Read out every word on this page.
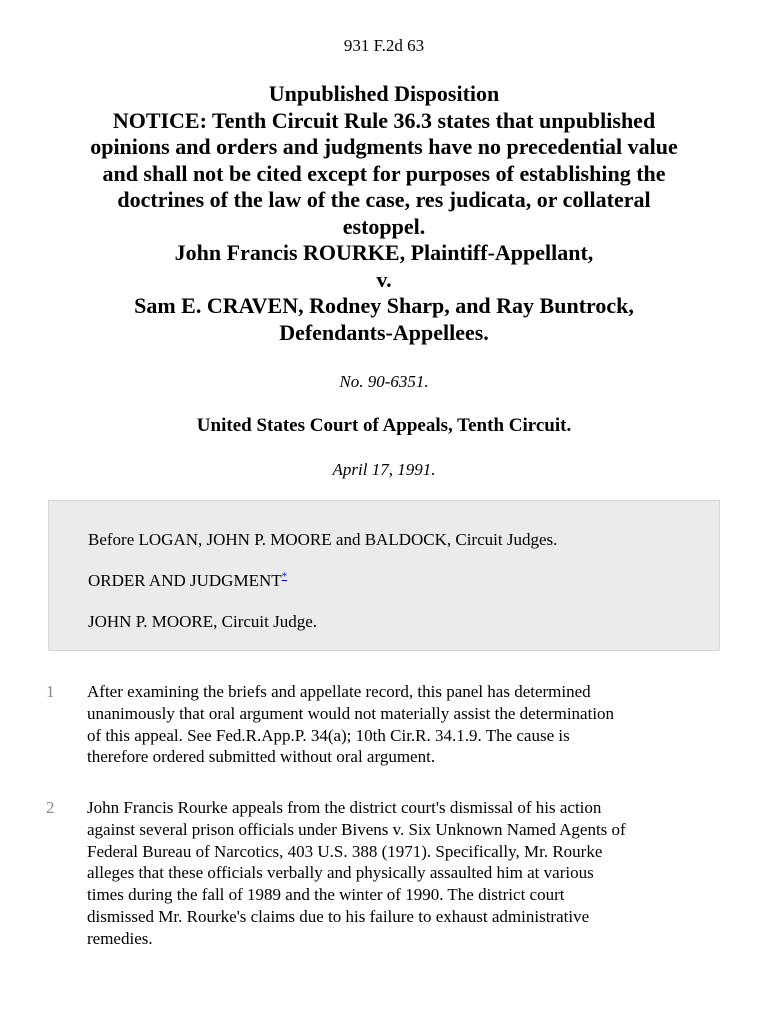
931 F.2d 63
Unpublished Disposition
NOTICE: Tenth Circuit Rule 36.3 states that unpublished
opinions and orders and judgments have no precedential value
and shall not be cited except for purposes of establishing the
doctrines of the law of the case, res judicata, or collateral
estoppel.
John Francis ROURKE, Plaintiff-Appellant,
v.
Sam E. CRAVEN, Rodney Sharp, and Ray Buntrock,
Defendants-Appellees.
No. 90-6351.
United States Court of Appeals, Tenth Circuit.
April 17, 1991.
Before LOGAN, JOHN P. MOORE and BALDOCK, Circuit Judges.
ORDER AND JUDGMENT*
JOHN P. MOORE, Circuit Judge.
1 After examining the briefs and appellate record, this panel has determined
unanimously that oral argument would not materially assist the determination
of this appeal. See Fed.R.App.P. 34(a); 10th Cir.R. 34.1.9. The cause is
therefore ordered submitted without oral argument.
2 John Francis Rourke appeals from the district court's dismissal of his action
against several prison officials under Bivens v. Six Unknown Named Agents of
Federal Bureau of Narcotics, 403 U.S. 388 (1971). Specifically, Mr. Rourke
alleges that these officials verbally and physically assaulted him at various
times during the fall of 1989 and the winter of 1990. The district court
dismissed Mr. Rourke's claims due to his failure to exhaust administrative
remedies.
